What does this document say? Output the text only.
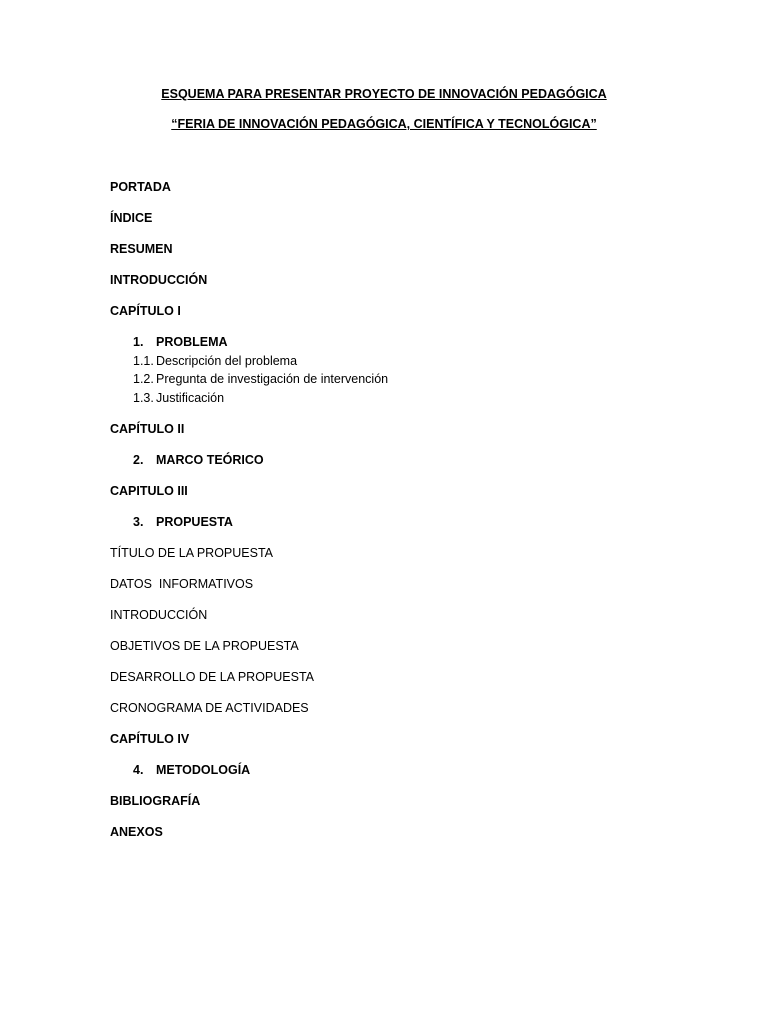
ESQUEMA PARA PRESENTAR PROYECTO DE INNOVACIÓN PEDAGÓGICA
“FERIA DE INNOVACIÓN PEDAGÓGICA, CIENTÍFICA Y TECNOLÓGICA”
PORTADA
ÍNDICE
RESUMEN
INTRODUCCIÓN
CAPÍTULO I
1. PROBLEMA
1.1. Descripción del problema
1.2. Pregunta de investigación de intervención
1.3. Justificación
CAPÍTULO II
2. MARCO TEÓRICO
CAPITULO III
3. PROPUESTA
TÍTULO DE LA PROPUESTA
DATOS  INFORMATIVOS
INTRODUCCIÓN
OBJETIVOS DE LA PROPUESTA
DESARROLLO DE LA PROPUESTA
CRONOGRAMA DE ACTIVIDADES
CAPÍTULO IV
4. METODOLOGÍA
BIBLIOGRAFÍA
ANEXOS
